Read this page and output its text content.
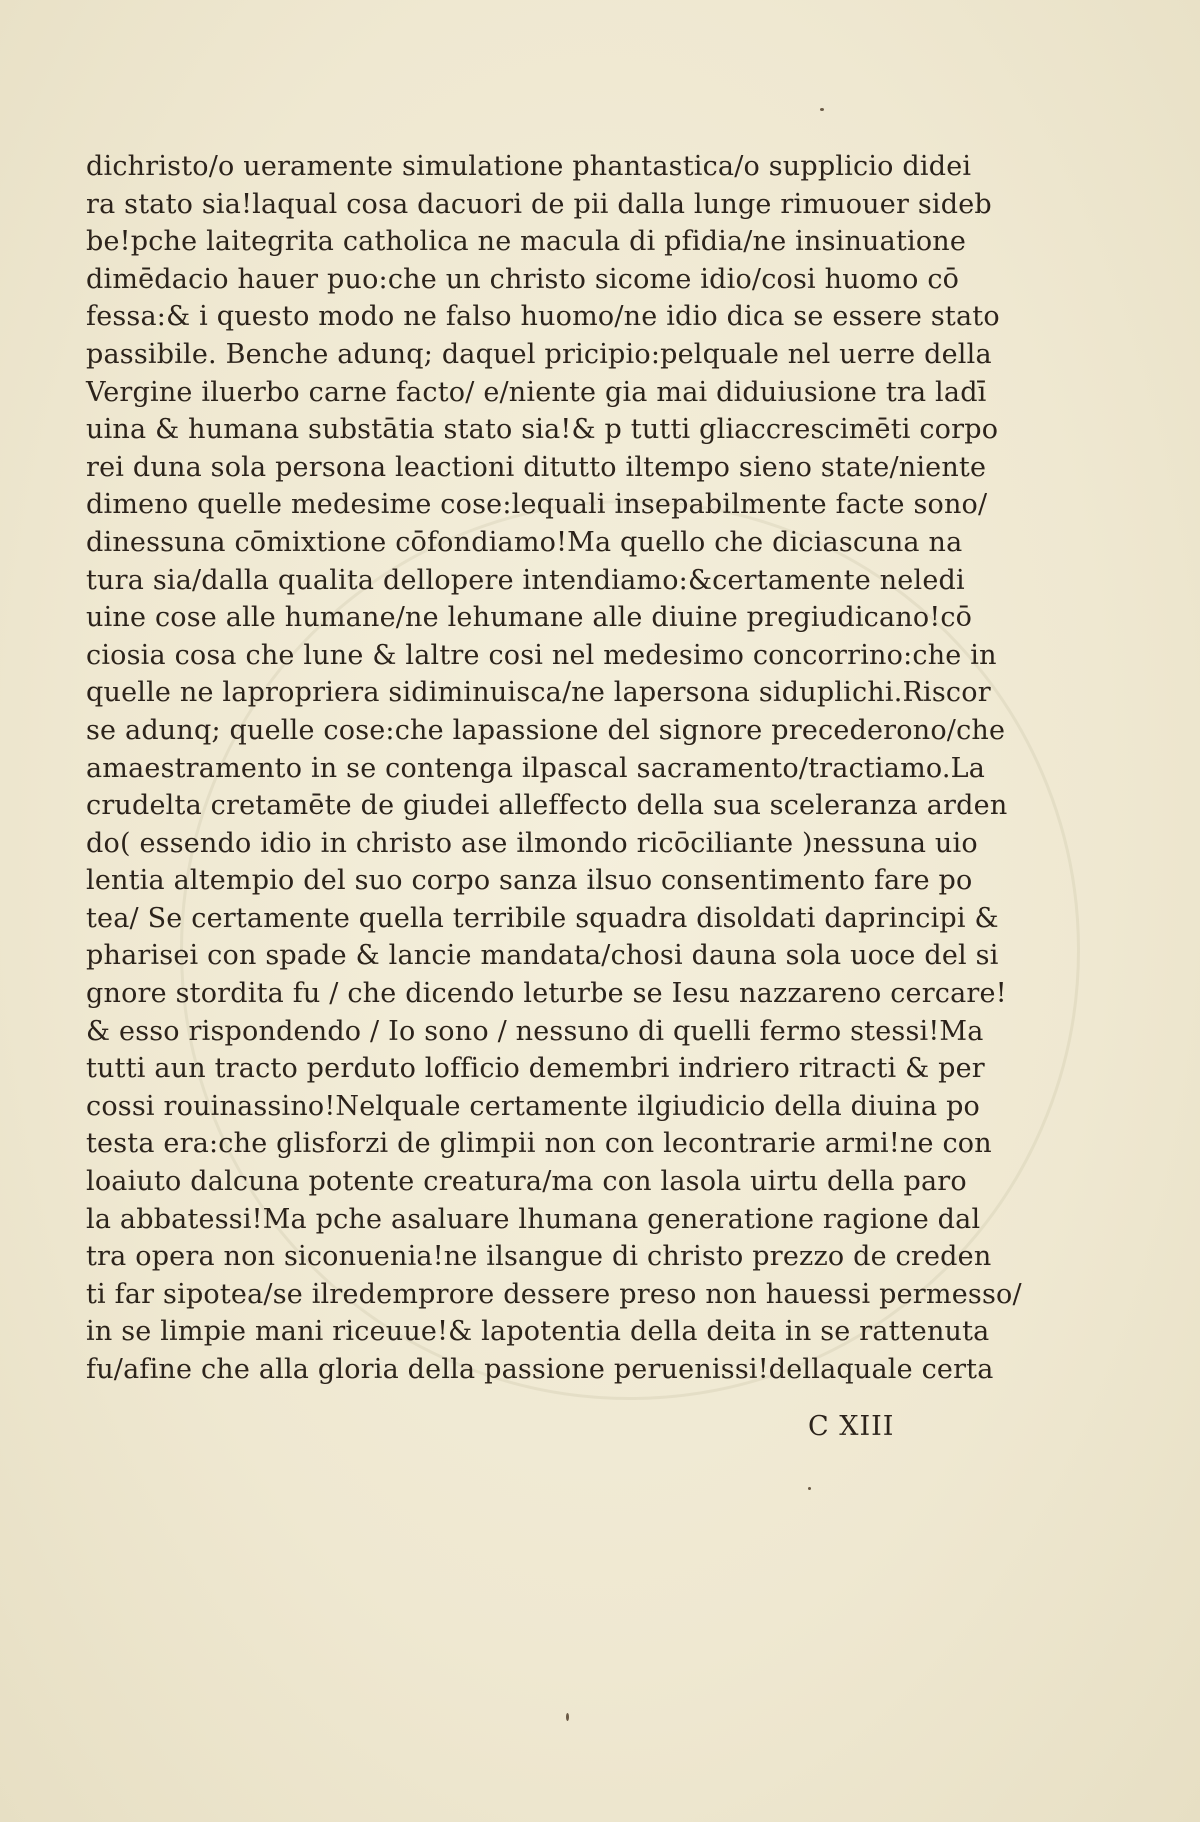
dichristo/o ueramente simulatione phantastica/o supplicio didei
ra stato sia!laqual cosa dacuori de pii dalla lunge rimuouer sideb
be!pche laitegrita catholica ne macula di pfidia/ne insinuatione
dimēdacio hauer puo:che un christo sicome idio/cosi huomo cō
fessa:& i questo modo ne falso huomo/ne idio dica se essere stato
passibile. Benche adunq; daquel pricipio:pelquale nel uerre della
Vergine iluerbo carne facto/ e/niente gia mai diduiusione tra ladī
uina & humana substātia stato sia!& p tutti gliaccrescimēti corpo
rei duna sola persona leactioni ditutto iltempo sieno state/niente
dimeno quelle medesime cose:lequali insepabilmente facte sono/
dinessuna cōmixtione cōfondiamo!Ma quello che diciascuna na
tura sia/dalla qualita dellopere intendiamo:&certamente neledi
uine cose alle humane/ne lehumane alle diuine pregiudicano!cō
ciosia cosa che lune & laltre cosi nel medesimo concorrino:che in
quelle ne lapropriera sidiminuisca/ne lapersona siduplichi.Riscor
se adunq; quelle cose:che lapassione del signore precederono/che
amaestramento in se contenga ilpascal sacramento/tractiamo.La
crudelta cretamēte de giudei alleffecto della sua sceleranza arden
do( essendo idio in christo ase ilmondo ricōciliante )nessuna uio
lentia altempio del suo corpo sanza ilsuo consentimento fare po
tea/ Se certamente quella terribile squadra disoldati daprincipi &
pharisei con spade & lancie mandata/chosi dauna sola uoce del si
gnore stordita fu / che dicendo leturbe se Iesu nazzareno cercare!
& esso rispondendo / Io sono / nessuno di quelli fermo stessi!Ma
tutti aun tracto perduto lofficio demembri indriero ritracti & per
cossi rouinassino!Nelquale certamente ilgiudicio della diuina po
testa era:che glisforzi de glimpii non con lecontrarie armi!ne con
loaiuto dalcuna potente creatura/ma con lasola uirtu della paro
la abbatessi!Ma pche asaluare lhumana generatione ragione dal
tra opera non siconuenia!ne ilsangue di christo prezzo de creden
ti far sipotea/se ilredemprore dessere preso non hauessi permesso/
in se limpie mani riceuue!& lapotentia della deita in se rattenuta
fu/afine che alla gloria della passione peruenissi!dellaquale certa
C XIII
